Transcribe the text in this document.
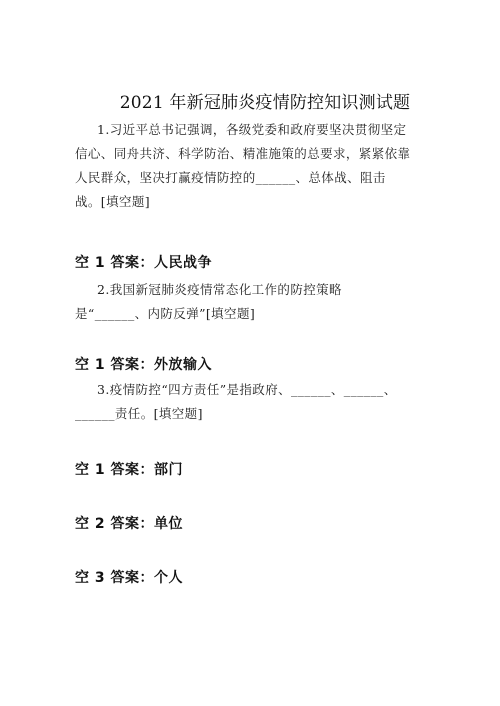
2021 年新冠肺炎疫情防控知识测试题

1.习近平总书记强调，各级党委和政府要坚决贯彻坚定信心、同舟共济、科学防治、精准施策的总要求，紧紧依靠人民群众，坚决打赢疫情防控的______、总体战、阻击战。[填空题]

空 1 答案：人民战争

2.我国新冠肺炎疫情常态化工作的防控策略是“______、内防反弹”[填空题]

空 1 答案：外放输入

3.疫情防控“四方责任”是指政府、______、______、______责任。[填空题]

空 1 答案：部门
空 2 答案：单位
空 3 答案：个人
